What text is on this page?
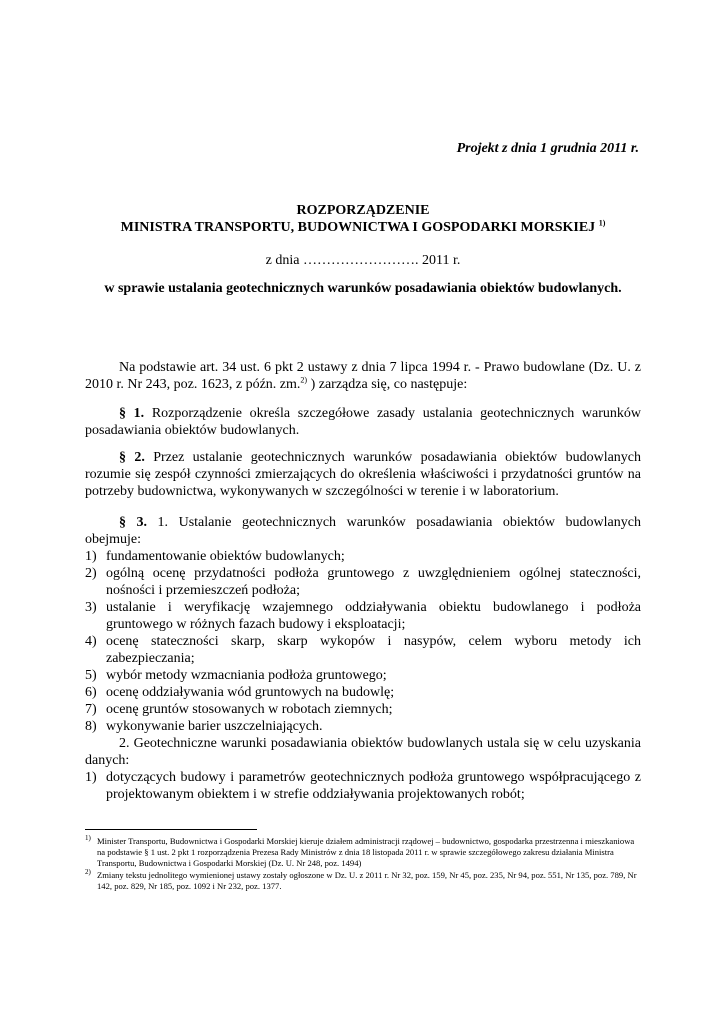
Projekt z dnia 1 grudnia 2011 r.
ROZPORZĄDZENIE
MINISTRA TRANSPORTU, BUDOWNICTWA I GOSPODARKI MORSKIEJ $^{1)}$
z dnia ……………………. 2011 r.
w sprawie ustalania geotechnicznych warunków posadawiania obiektów budowlanych.

Na podstawie art. 34 ust. 6 pkt 2 ustawy z dnia 7 lipca 1994 r. - Prawo budowlane (Dz. U. z 2010 r. Nr 243, poz. 1623, z późn. zm.$^{2)}$ ) zarządza się, co następuje:

§ 1. Rozporządzenie określa szczegółowe zasady ustalania geotechnicznych warunków posadawiania obiektów budowlanych.

§ 2. Przez ustalanie geotechnicznych warunków posadawiania obiektów budowlanych rozumie się zespół czynności zmierzających do określenia właściwości i przydatności gruntów na potrzeby budownictwa, wykonywanych w szczególności w terenie i w laboratorium.

§ 3. 1. Ustalanie geotechnicznych warunków posadawiania obiektów budowlanych obejmuje:

1) fundamentowanie obiektów budowlanych;
2) ogólną ocenę przydatności podłoża gruntowego z uwzględnieniem ogólnej stateczności, nośności i przemieszczeń podłoża;
3) ustalanie i weryfikację wzajemnego oddziaływania obiektu budowlanego i podłoża gruntowego w różnych fazach budowy i eksploatacji;
4) ocenę stateczności skarp, skarp wykopów i nasypów, celem wyboru metody ich zabezpieczania;
5) wybór metody wzmacniania podłoża gruntowego;
6) ocenę oddziaływania wód gruntowych na budowlę;
7) ocenę gruntów stosowanych w robotach ziemnych;
8) wykonywanie barier uszczelniających.

2. Geotechniczne warunki posadawiania obiektów budowlanych ustala się w celu uzyskania danych:

1) dotyczących budowy i parametrów geotechnicznych podłoża gruntowego współpracującego z projektowanym obiektem i w strefie oddziaływania projektowanych robót;
1) Minister Transportu, Budownictwa i Gospodarki Morskiej kieruje działem administracji rządowej – budownictwo, gospodarka przestrzenna i mieszkaniowa na podstawie § 1 ust. 2 pkt 1 rozporządzenia Prezesa Rady Ministrów z dnia 18 listopada 2011 r. w sprawie szczegółowego zakresu działania Ministra Transportu, Budownictwa i Gospodarki Morskiej (Dz. U. Nr 248, poz. 1494)
2) Zmiany tekstu jednolitego wymienionej ustawy zostały ogłoszone w Dz. U. z 2011 r. Nr 32, poz. 159, Nr 45, poz. 235, Nr 94, poz. 551, Nr 135, poz. 789, Nr 142, poz. 829, Nr 185, poz. 1092 i Nr 232, poz. 1377.
